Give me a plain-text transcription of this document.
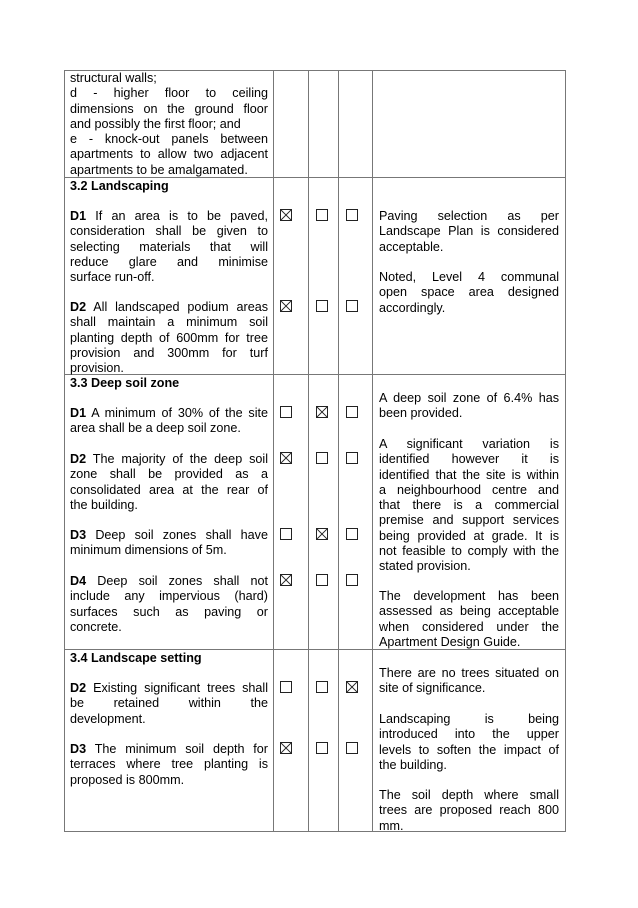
structural walls;
d - higher floor to ceiling
dimensions on the ground floor
and possibly the first floor; and
e - knock-out panels between
apartments to allow two adjacent
apartments to be amalgamated.
3.2 Landscaping
D1 If an area is to be paved,
consideration shall be given to
selecting materials that will
reduce glare and minimise
surface run-off.
D2 All landscaped podium areas
shall maintain a minimum soil
planting depth of 600mm for tree
provision and 300mm for turf
provision.
Paving selection as per
Landscape Plan is considered
acceptable.
Noted, Level 4 communal
open space area designed
accordingly.
3.3 Deep soil zone
D1 A minimum of 30% of the site
area shall be a deep soil zone.
D2 The majority of the deep soil
zone shall be provided as a
consolidated area at the rear of
the building.
D3 Deep soil zones shall have
minimum dimensions of 5m.
D4 Deep soil zones shall not
include any impervious (hard)
surfaces such as paving or
concrete.
A deep soil zone of 6.4% has
been provided.
A significant variation is
identified however it is
identified that the site is within
a neighbourhood centre and
that there is a commercial
premise and support services
being provided at grade. It is
not feasible to comply with the
stated provision.
The development has been
assessed as being acceptable
when considered under the
Apartment Design Guide.
3.4 Landscape setting
D2 Existing significant trees shall
be retained within the
development.
D3 The minimum soil depth for
terraces where tree planting is
proposed is 800mm.
There are no trees situated on
site of significance.
Landscaping is being
introduced into the upper
levels to soften the impact of
the building.
The soil depth where small
trees are proposed reach 800
mm.
